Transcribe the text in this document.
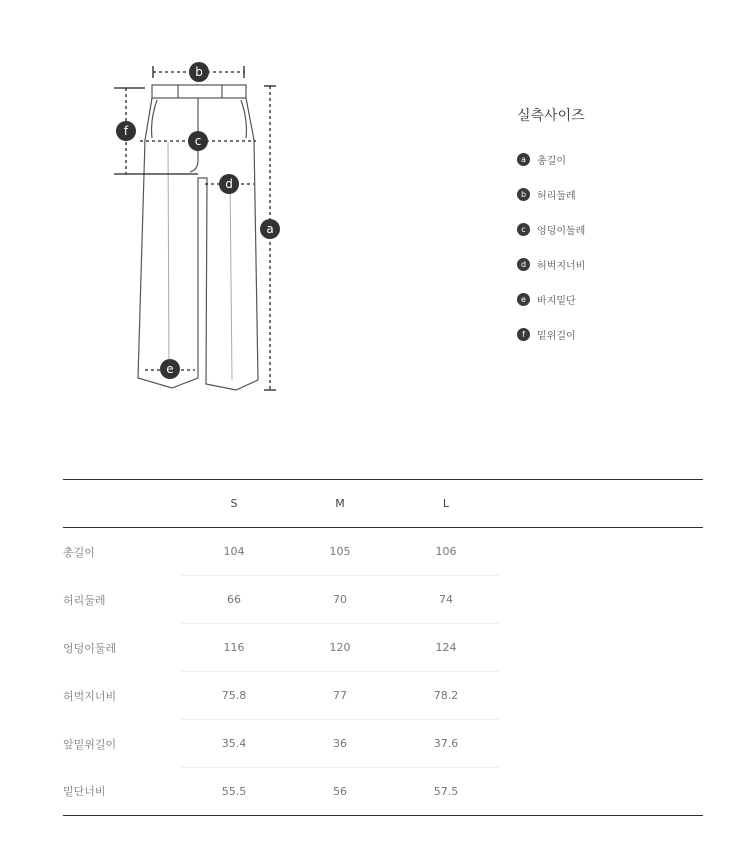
a
b
c
d
e
f
실측사이즈
a	총길이
b	허리둘레
c	엉덩이둘레
d	허벅지너비
e	바지밑단
f	밑위길이
	S	M	L	
총길이	104	105	106	
허리둘레	66	70	74	
엉덩이둘레	116	120	124	
허벅지너비	75.8	77	78.2	
앞밑위길이	35.4	36	37.6	
밑단너비	55.5	56	57.5	
